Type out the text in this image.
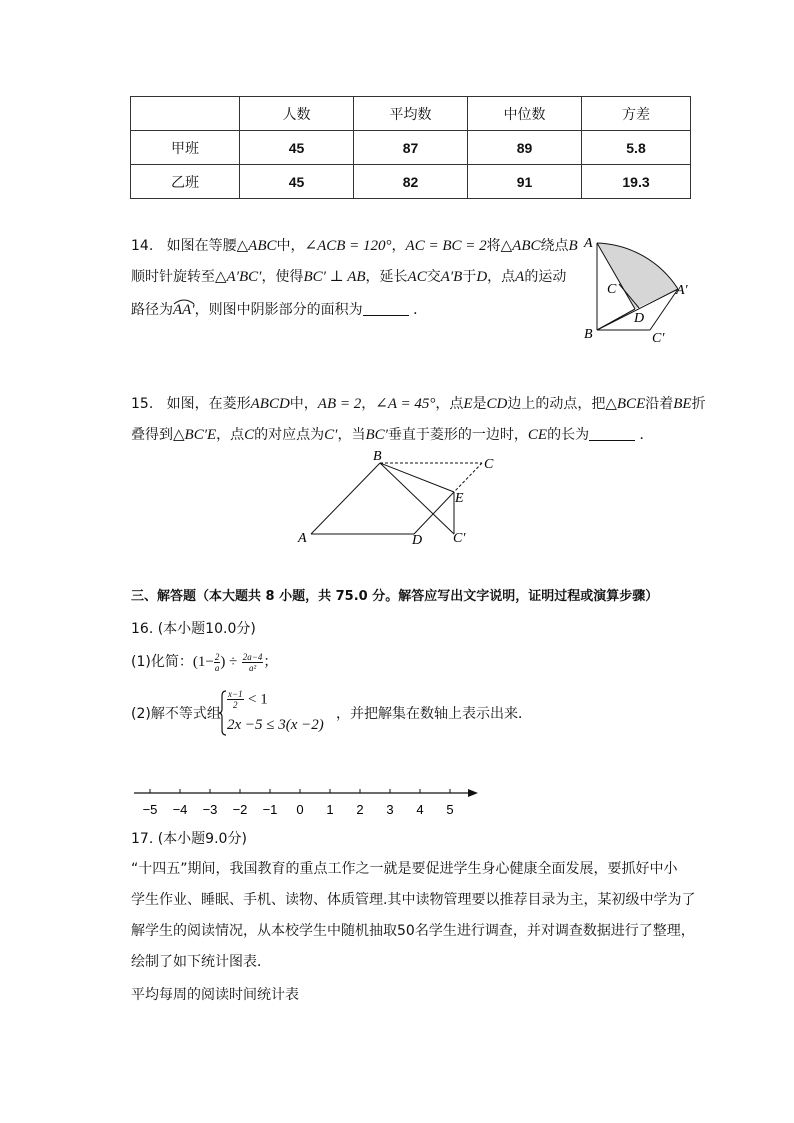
	人数	平均数	中位数	方差
甲班	45	87	89	5.8
乙班	45	82	91	19.3
14. 如图在等腰△ABC中，∠ACB = 120°，AC = BC = 2将△ABC绕点B
顺时针旋转至△A′BC′，使得BC′ ⊥ AB，延长AC交A′B于D，点A的运动
路径为
AA′，则图中阴影部分的面积为	．
A
C	A′
D
B	C′
15. 如图，在菱形ABCD中，AB = 2，∠A = 45°，点E是CD边上的动点，把△BCE沿着BE折
叠得到△BC′E，点C的对应点为C′，当BC′垂直于菱形的一边时，CE的长为	．
A
B
C
D
E
C′
三、解答题（本大题共 8 小题，共 75.0 分。解答应写出文字说明，证明过程或演算步骤）
16. (本小题10.0分)
(1)化简：($1- \frac{2}{a}$ ) ÷ $\frac{2a-4}{\text{a²}}$ ；
(2)解不等式组
$\frac{x-1}{2} < 1$
2x −5 ≤ 3(x −2)
，并把解集在数轴上表示出来．
−5 −4 −3 −2 −1 0 1 2 3 4 5
17. (本小题9.0分)
“十四五”期间，我国教育的重点工作之一就是要促进学生身心健康全面发展，要抓好中小
学生作业、睡眠、手机、读物、体质管理.其中读物管理要以推荐目录为主，某初级中学为了
解学生的阅读情况，从本校学生中随机抽取50名学生进行调查，并对调查数据进行了整理，
绘制了如下统计图表．
平均每周的阅读时间统计表
